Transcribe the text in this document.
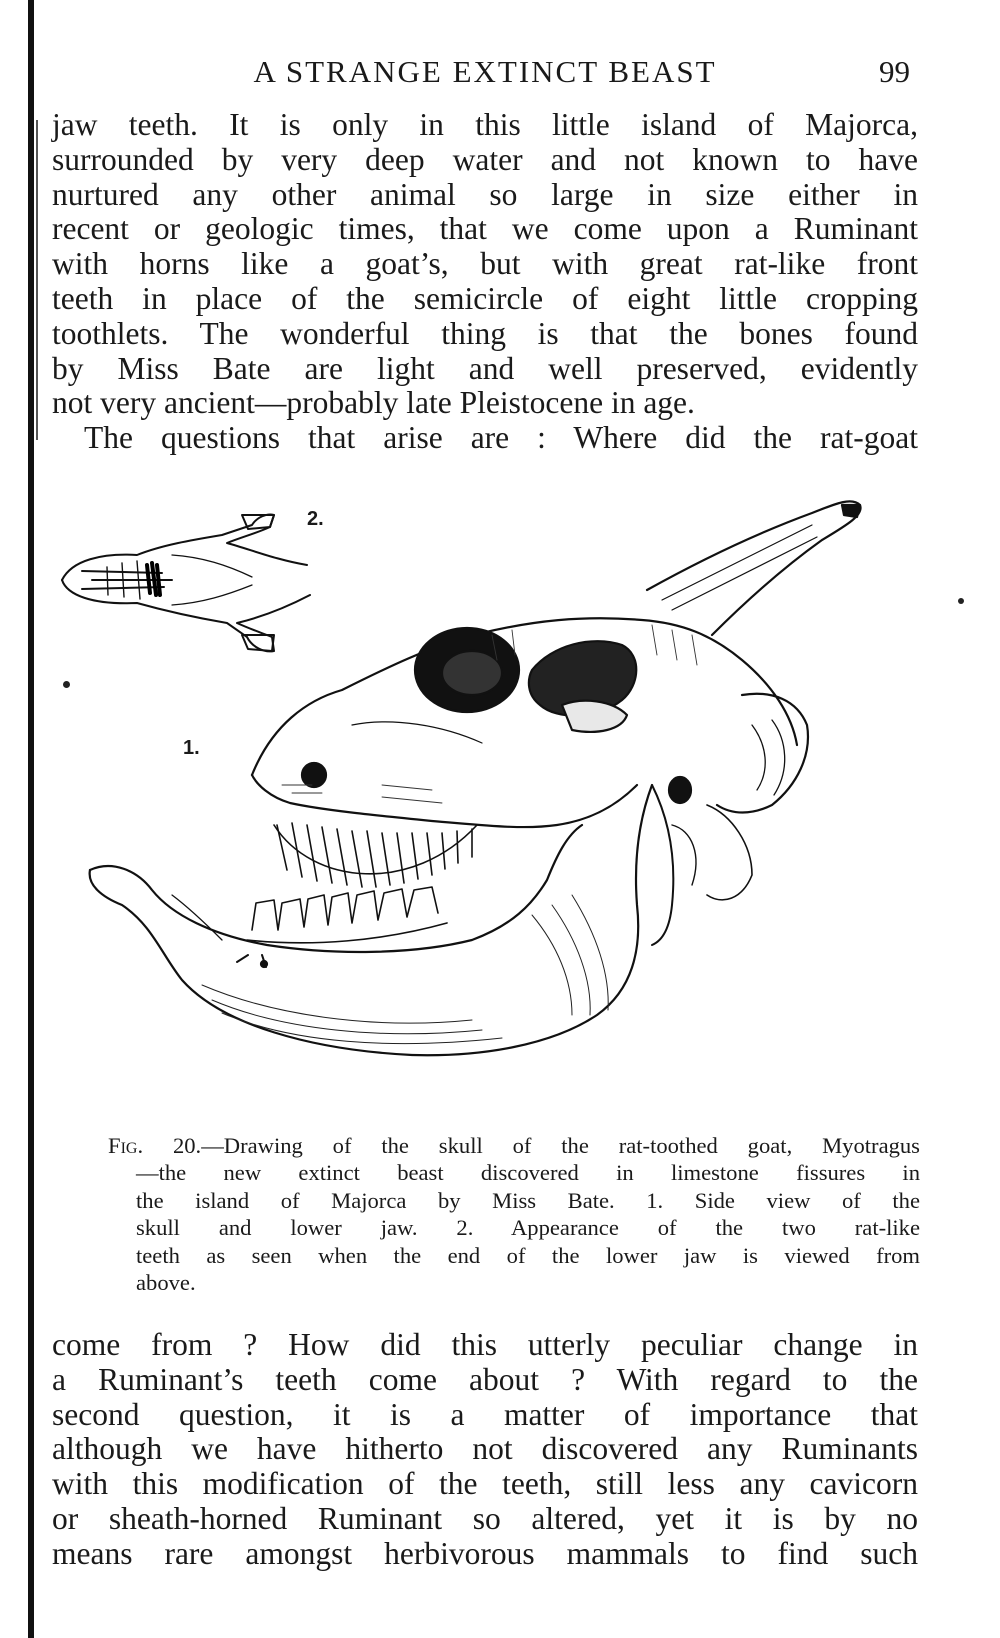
A STRANGE EXTINCT BEAST	99
jaw teeth. It is only in this little island of Majorca,
surrounded by very deep water and not known to have
nurtured any other animal so large in size either in
recent or geologic times, that we come upon a Ruminant
with horns like a goat’s, but with great rat-like front
teeth in place of the semicircle of eight little cropping
toothlets. The wonderful thing is that the bones found
by Miss Bate are light and well preserved, evidently
not very ancient—probably late Pleistocene in age.
The questions that arise are : Where did the rat-goat
2.
1.
Fig. 20.—Drawing of the skull of the rat-toothed goat, Myotragus
—the new extinct beast discovered in limestone fissures in
the island of Majorca by Miss Bate. 1. Side view of the
skull and lower jaw. 2. Appearance of the two rat-like
teeth as seen when the end of the lower jaw is viewed from
above.
come from ? How did this utterly peculiar change in
a Ruminant’s teeth come about ? With regard to the
second question, it is a matter of importance that
although we have hitherto not discovered any Ruminants
with this modification of the teeth, still less any cavicorn
or sheath-horned Ruminant so altered, yet it is by no
means rare amongst herbivorous mammals to find such
